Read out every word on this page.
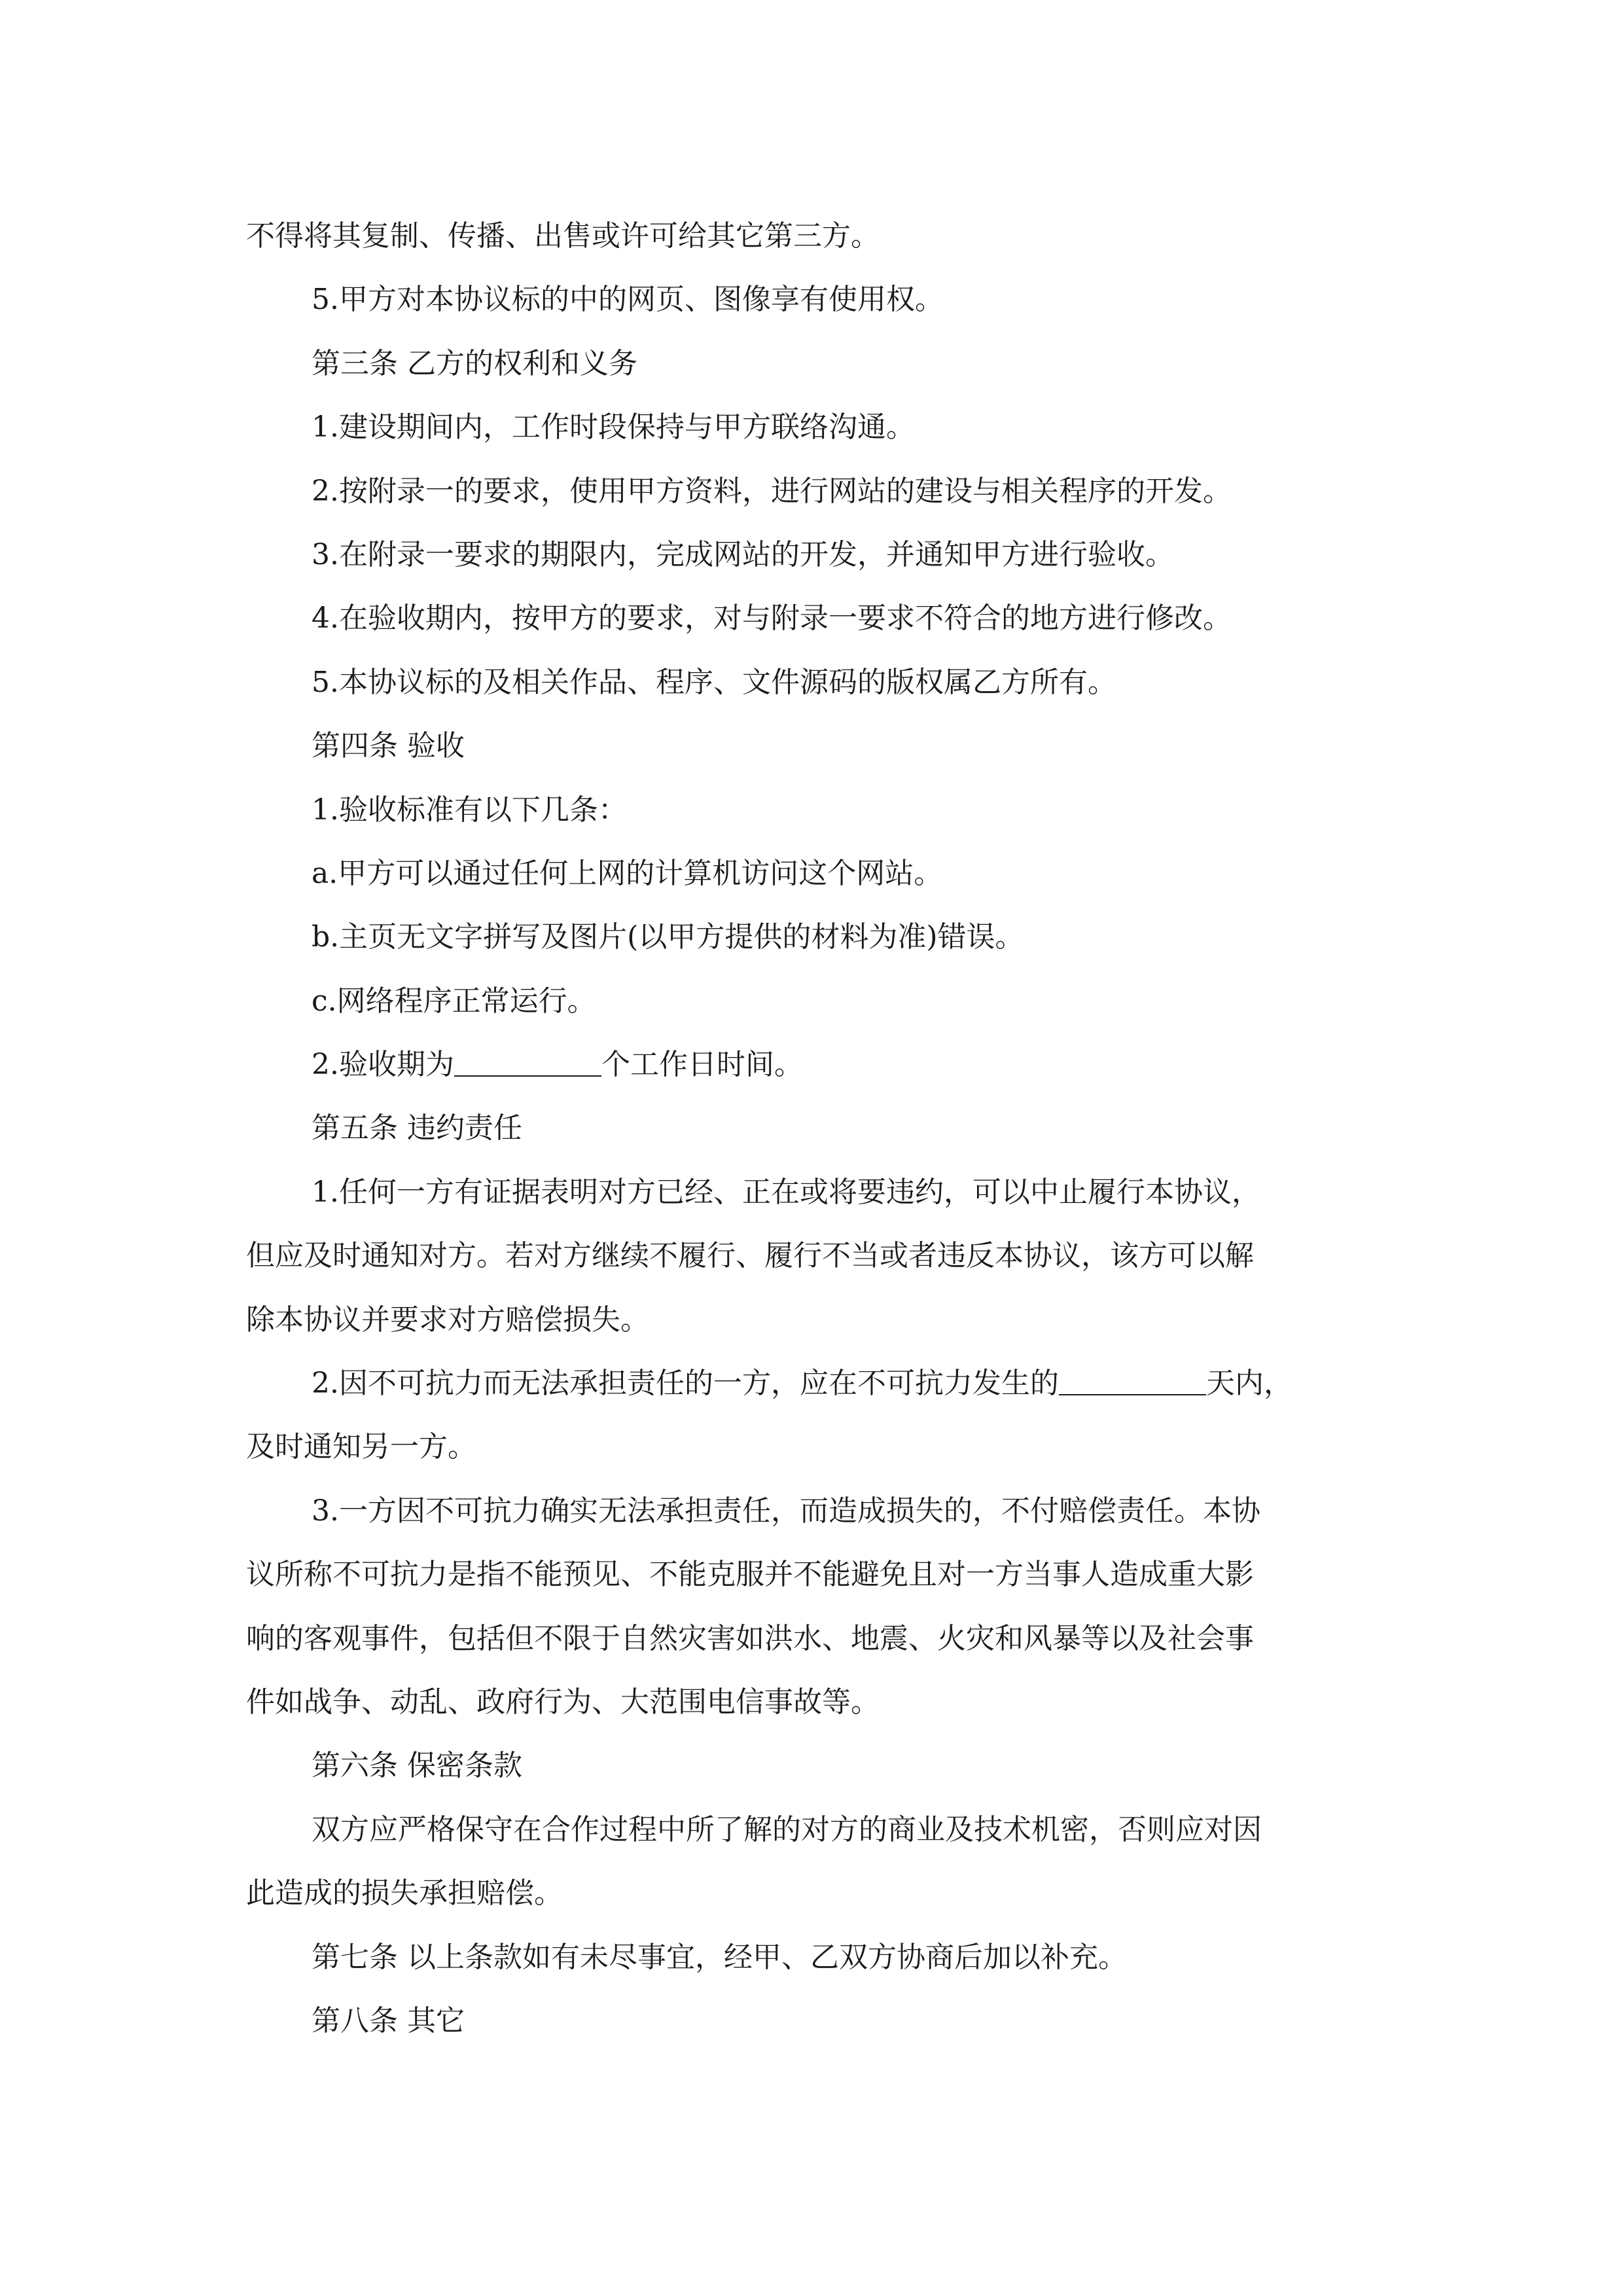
不得将其复制、传播、出售或许可给其它第三方。

5.甲方对本协议标的中的网页、图像享有使用权。

第三条 乙方的权利和义务

1.建设期间内，工作时段保持与甲方联络沟通。

2.按附录一的要求，使用甲方资料，进行网站的建设与相关程序的开发。

3.在附录一要求的期限内，完成网站的开发，并通知甲方进行验收。

4.在验收期内，按甲方的要求，对与附录一要求不符合的地方进行修改。

5.本协议标的及相关作品、程序、文件源码的版权属乙方所有。

第四条 验收

1.验收标准有以下几条：

a.甲方可以通过任何上网的计算机访问这个网站。

b.主页无文字拼写及图片(以甲方提供的材料为准)错误。

c.网络程序正常运行。

2.验收期为	个工作日时间。

第五条 违约责任

1.任何一方有证据表明对方已经、正在或将要违约，可以中止履行本协议，

但应及时通知对方。若对方继续不履行、履行不当或者违反本协议，该方可以解

除本协议并要求对方赔偿损失。

2.因不可抗力而无法承担责任的一方，应在不可抗力发生的	天内，

及时通知另一方。

3.一方因不可抗力确实无法承担责任，而造成损失的，不付赔偿责任。本协

议所称不可抗力是指不能预见、不能克服并不能避免且对一方当事人造成重大影

响的客观事件，包括但不限于自然灾害如洪水、地震、火灾和风暴等以及社会事

件如战争、动乱、政府行为、大范围电信事故等。

第六条 保密条款

双方应严格保守在合作过程中所了解的对方的商业及技术机密，否则应对因

此造成的损失承担赔偿。

第七条 以上条款如有未尽事宜，经甲、乙双方协商后加以补充。

第八条 其它
